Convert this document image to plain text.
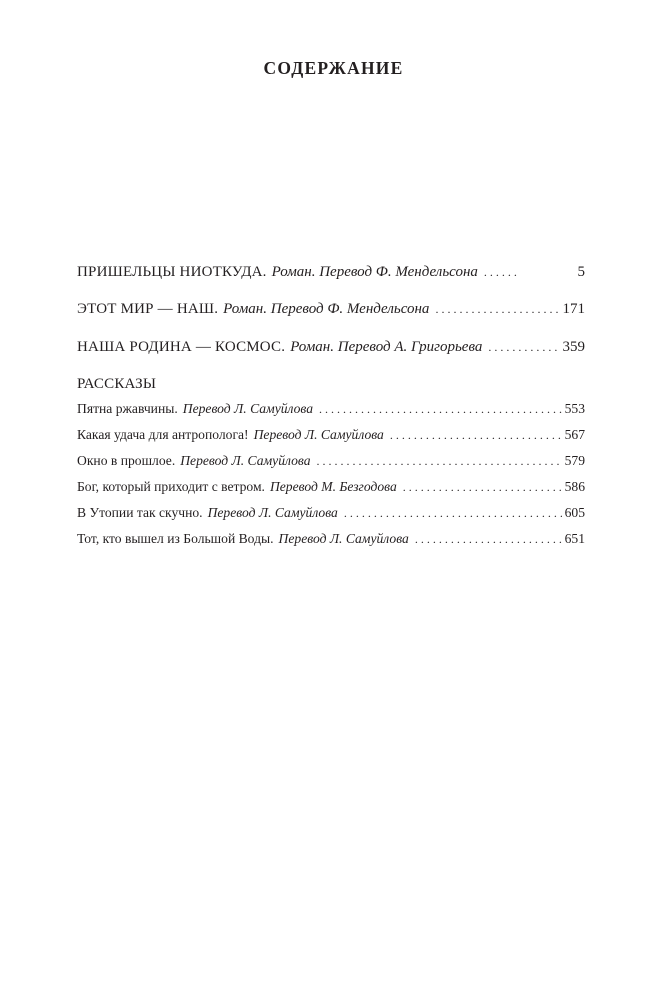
СОДЕРЖАНИЕ
ПРИШЕЛЬЦЫ НИОТКУДА. Роман. Перевод Ф. Мендельсона . . .	5
ЭТОТ МИР — НАШ. Роман. Перевод Ф. Мендельсона . . .	171
НАША РОДИНА — КОСМОС. Роман. Перевод А. Григорьева . . .	359
РАССКАЗЫ
Пятна ржавчины. Перевод Л. Самуйлова . . .	553
Какая удача для антрополога! Перевод Л. Самуйлова . . .	567
Окно в прошлое. Перевод Л. Самуйлова . . .	579
Бог, который приходит с ветром. Перевод М. Безгодова . . .	586
В Утопии так скучно. Перевод Л. Самуйлова . . .	605
Тот, кто вышел из Большой Воды. Перевод Л. Самуйлова . . .	651
